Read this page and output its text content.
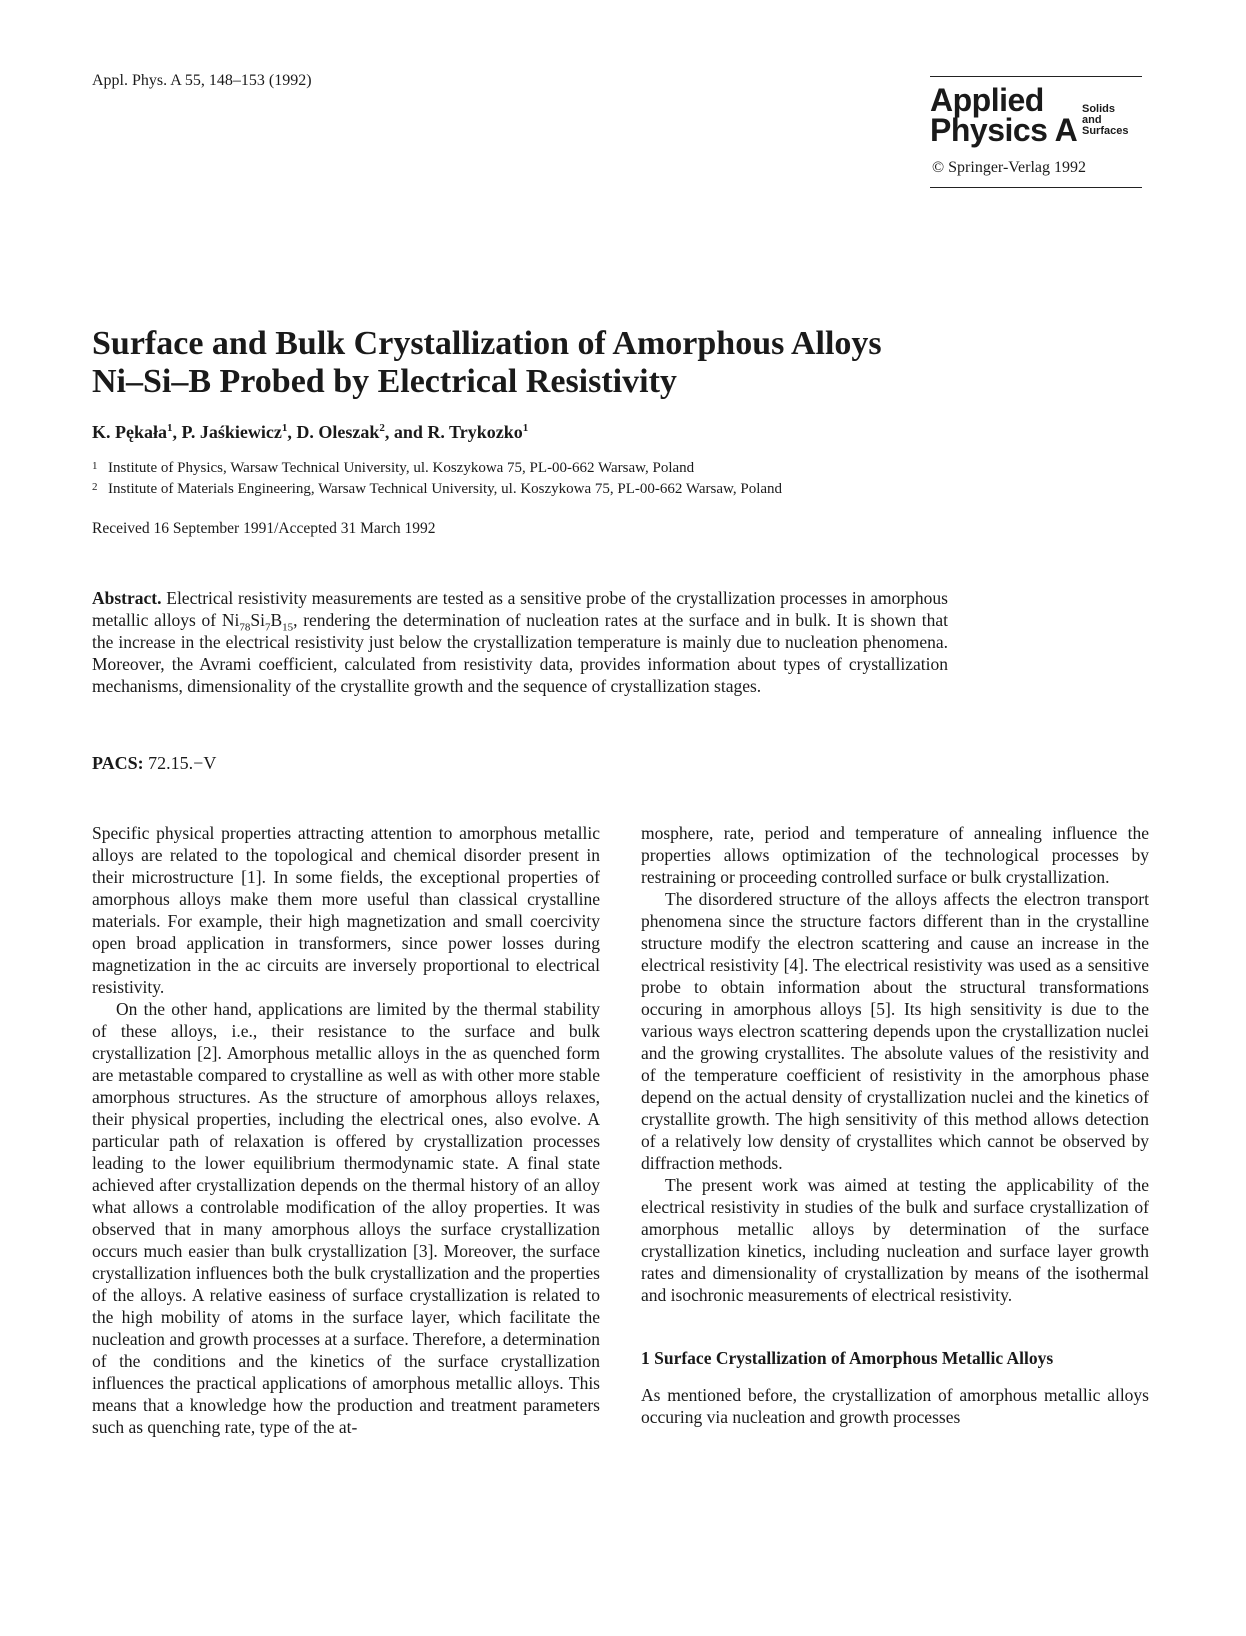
Appl. Phys. A 55, 148–153 (1992)
Applied
Physics A
Solids
and
Surfaces
© Springer-Verlag 1992
Surface and Bulk Crystallization of Amorphous Alloys
Ni–Si–B Probed by Electrical Resistivity
K. Pękała$^1$, P. Jaśkiewicz$^1$, D. Oleszak$^2$, and R. Trykozko$^1$
1 Institute of Physics, Warsaw Technical University, ul. Koszykowa 75, PL-00-662 Warsaw, Poland
2 Institute of Materials Engineering, Warsaw Technical University, ul. Koszykowa 75, PL-00-662 Warsaw, Poland
Received 16 September 1991/Accepted 31 March 1992
Abstract. Electrical resistivity measurements are tested as a sensitive probe of the crystallization processes in amorphous metallic alloys of $Ni_{78}Si_7B_{15}$, rendering the determination of nucleation rates at the surface and in bulk. It is shown that the increase in the electrical resistivity just below the crystallization temperature is mainly due to nucleation phenomena. Moreover, the Avrami coefficient, calculated from resistivity data, provides information about types of crystallization mechanisms, dimensionality of the crystallite growth and the sequence of crystallization stages.
PACS: 72.15.−V

Specific physical properties attracting attention to amorphous metallic alloys are related to the topological and chemical disorder present in their microstructure [1]. In some fields, the exceptional properties of amorphous alloys make them more useful than classical crystalline materials. For example, their high magnetization and small coercivity open broad application in transformers, since power losses during magnetization in the ac circuits are inversely proportional to electrical resistivity.

On the other hand, applications are limited by the thermal stability of these alloys, i.e., their resistance to the surface and bulk crystallization [2]. Amorphous metallic alloys in the as quenched form are metastable compared to crystalline as well as with other more stable amorphous structures. As the structure of amorphous alloys relaxes, their physical properties, including the electrical ones, also evolve. A particular path of relaxation is offered by crystallization processes leading to the lower equilibrium thermodynamic state. A final state achieved after crystallization depends on the thermal history of an alloy what allows a controlable modification of the alloy properties. It was observed that in many amorphous alloys the surface crystallization occurs much easier than bulk crystallization [3]. Moreover, the surface crystallization influences both the bulk crystallization and the properties of the alloys. A relative easiness of surface crystallization is related to the high mobility of atoms in the surface layer, which facilitate the nucleation and growth processes at a surface. Therefore, a determination of the conditions and the kinetics of the surface crystallization influences the practical applications of amorphous metallic alloys. This means that a knowledge how the production and treatment parameters such as quenching rate, type of the at-

mosphere, rate, period and temperature of annealing influence the properties allows optimization of the technological processes by restraining or proceeding controlled surface or bulk crystallization.

The disordered structure of the alloys affects the electron transport phenomena since the structure factors different than in the crystalline structure modify the electron scattering and cause an increase in the electrical resistivity [4]. The electrical resistivity was used as a sensitive probe to obtain information about the structural transformations occuring in amorphous alloys [5]. Its high sensitivity is due to the various ways electron scattering depends upon the crystallization nuclei and the growing crystallites. The absolute values of the resistivity and of the temperature coefficient of resistivity in the amorphous phase depend on the actual density of crystallization nuclei and the kinetics of crystallite growth. The high sensitivity of this method allows detection of a relatively low density of crystallites which cannot be observed by diffraction methods.

The present work was aimed at testing the applicability of the electrical resistivity in studies of the bulk and surface crystallization of amorphous metallic alloys by determination of the surface crystallization kinetics, including nucleation and surface layer growth rates and dimensionality of crystallization by means of the isothermal and isochronic measurements of electrical resistivity.

1 Surface Crystallization of Amorphous Metallic Alloys

As mentioned before, the crystallization of amorphous metallic alloys occuring via nucleation and growth processes
